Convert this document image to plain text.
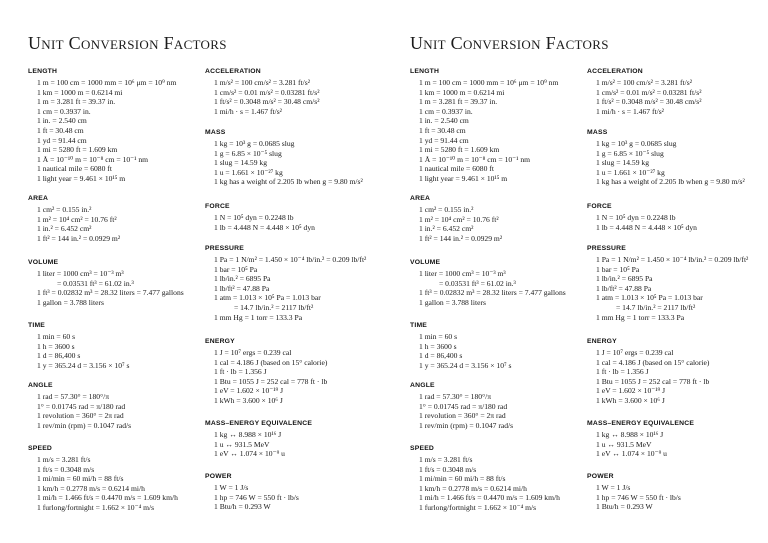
Unit Conversion Factors
LENGTH
1 m = 100 cm = 1000 mm = 10⁶ μm = 10⁹ nm
1 km = 1000 m = 0.6214 mi
1 m = 3.281 ft = 39.37 in.
1 cm = 0.3937 in.
1 in. = 2.540 cm
1 ft = 30.48 cm
1 yd = 91.44 cm
1 mi = 5280 ft = 1.609 km
1 Å = 10⁻¹⁰ m = 10⁻⁸ cm = 10⁻¹ nm
1 nautical mile = 6080 ft
1 light year = 9.461 × 10¹⁵ m
AREA
1 cm² = 0.155 in.²
1 m² = 10⁴ cm² = 10.76 ft²
1 in.² = 6.452 cm²
1 ft² = 144 in.² = 0.0929 m²
VOLUME
1 liter = 1000 cm³ = 10⁻³ m³
= 0.03531 ft³ = 61.02 in.³
1 ft³ = 0.02832 m³ = 28.32 liters = 7.477 gallons
1 gallon = 3.788 liters
TIME
1 min = 60 s
1 h = 3600 s
1 d = 86,400 s
1 y = 365.24 d = 3.156 × 10⁷ s
ANGLE
1 rad = 57.30° = 180°/π
1° = 0.01745 rad = π/180 rad
1 revolution = 360° = 2π rad
1 rev/min (rpm) = 0.1047 rad/s
SPEED
1 m/s = 3.281 ft/s
1 ft/s = 0.3048 m/s
1 mi/min = 60 mi/h = 88 ft/s
1 km/h = 0.2778 m/s = 0.6214 mi/h
1 mi/h = 1.466 ft/s = 0.4470 m/s = 1.609 km/h
1 furlong/fortnight = 1.662 × 10⁻⁴ m/s
ACCELERATION
1 m/s² = 100 cm/s² = 3.281 ft/s²
1 cm/s² = 0.01 m/s² = 0.03281 ft/s²
1 ft/s² = 0.3048 m/s² = 30.48 cm/s²
1 mi/h · s = 1.467 ft/s²
MASS
1 kg = 10³ g = 0.0685 slug
1 g = 6.85 × 10⁻⁵ slug
1 slug = 14.59 kg
1 u = 1.661 × 10⁻²⁷ kg
1 kg has a weight of 2.205 lb when g = 9.80 m/s²
FORCE
1 N = 10⁵ dyn = 0.2248 lb
1 lb = 4.448 N = 4.448 × 10⁵ dyn
PRESSURE
1 Pa = 1 N/m² = 1.450 × 10⁻⁴ lb/in.² = 0.209 lb/ft²
1 bar = 10⁵ Pa
1 lb/in.² = 6895 Pa
1 lb/ft² = 47.88 Pa
1 atm = 1.013 × 10⁵ Pa = 1.013 bar
= 14.7 lb/in.² = 2117 lb/ft²
1 mm Hg = 1 torr = 133.3 Pa
ENERGY
1 J = 10⁷ ergs = 0.239 cal
1 cal = 4.186 J (based on 15° calorie)
1 ft · lb = 1.356 J
1 Btu = 1055 J = 252 cal = 778 ft · lb
1 eV = 1.602 × 10⁻¹⁹ J
1 kWh = 3.600 × 10⁶ J
MASS–ENERGY EQUIVALENCE
1 kg ↔ 8.988 × 10¹⁶ J
1 u ↔ 931.5 MeV
1 eV ↔ 1.074 × 10⁻⁹ u
POWER
1 W = 1 J/s
1 hp = 746 W = 550 ft · lb/s
1 Btu/h = 0.293 W
Unit Conversion Factors
LENGTH
1 m = 100 cm = 1000 mm = 10⁶ μm = 10⁹ nm
1 km = 1000 m = 0.6214 mi
1 m = 3.281 ft = 39.37 in.
1 cm = 0.3937 in.
1 in. = 2.540 cm
1 ft = 30.48 cm
1 yd = 91.44 cm
1 mi = 5280 ft = 1.609 km
1 Å = 10⁻¹⁰ m = 10⁻⁸ cm = 10⁻¹ nm
1 nautical mile = 6080 ft
1 light year = 9.461 × 10¹⁵ m
AREA
1 cm² = 0.155 in.²
1 m² = 10⁴ cm² = 10.76 ft²
1 in.² = 6.452 cm²
1 ft² = 144 in.² = 0.0929 m²
VOLUME
1 liter = 1000 cm³ = 10⁻³ m³
= 0.03531 ft³ = 61.02 in.³
1 ft³ = 0.02832 m³ = 28.32 liters = 7.477 gallons
1 gallon = 3.788 liters
TIME
1 min = 60 s
1 h = 3600 s
1 d = 86,400 s
1 y = 365.24 d = 3.156 × 10⁷ s
ANGLE
1 rad = 57.30° = 180°/π
1° = 0.01745 rad = π/180 rad
1 revolution = 360° = 2π rad
1 rev/min (rpm) = 0.1047 rad/s
SPEED
1 m/s = 3.281 ft/s
1 ft/s = 0.3048 m/s
1 mi/min = 60 mi/h = 88 ft/s
1 km/h = 0.2778 m/s = 0.6214 mi/h
1 mi/h = 1.466 ft/s = 0.4470 m/s = 1.609 km/h
1 furlong/fortnight = 1.662 × 10⁻⁴ m/s
ACCELERATION
1 m/s² = 100 cm/s² = 3.281 ft/s²
1 cm/s² = 0.01 m/s² = 0.03281 ft/s²
1 ft/s² = 0.3048 m/s² = 30.48 cm/s²
1 mi/h · s = 1.467 ft/s²
MASS
1 kg = 10³ g = 0.0685 slug
1 g = 6.85 × 10⁻⁵ slug
1 slug = 14.59 kg
1 u = 1.661 × 10⁻²⁷ kg
1 kg has a weight of 2.205 lb when g = 9.80 m/s²
FORCE
1 N = 10⁵ dyn = 0.2248 lb
1 lb = 4.448 N = 4.448 × 10⁵ dyn
PRESSURE
1 Pa = 1 N/m² = 1.450 × 10⁻⁴ lb/in.² = 0.209 lb/ft²
1 bar = 10⁵ Pa
1 lb/in.² = 6895 Pa
1 lb/ft² = 47.88 Pa
1 atm = 1.013 × 10⁵ Pa = 1.013 bar
= 14.7 lb/in.² = 2117 lb/ft²
1 mm Hg = 1 torr = 133.3 Pa
ENERGY
1 J = 10⁷ ergs = 0.239 cal
1 cal = 4.186 J (based on 15° calorie)
1 ft · lb = 1.356 J
1 Btu = 1055 J = 252 cal = 778 ft · lb
1 eV = 1.602 × 10⁻¹⁹ J
1 kWh = 3.600 × 10⁶ J
MASS–ENERGY EQUIVALENCE
1 kg ↔ 8.988 × 10¹⁶ J
1 u ↔ 931.5 MeV
1 eV ↔ 1.074 × 10⁻⁹ u
POWER
1 W = 1 J/s
1 hp = 746 W = 550 ft · lb/s
1 Btu/h = 0.293 W
